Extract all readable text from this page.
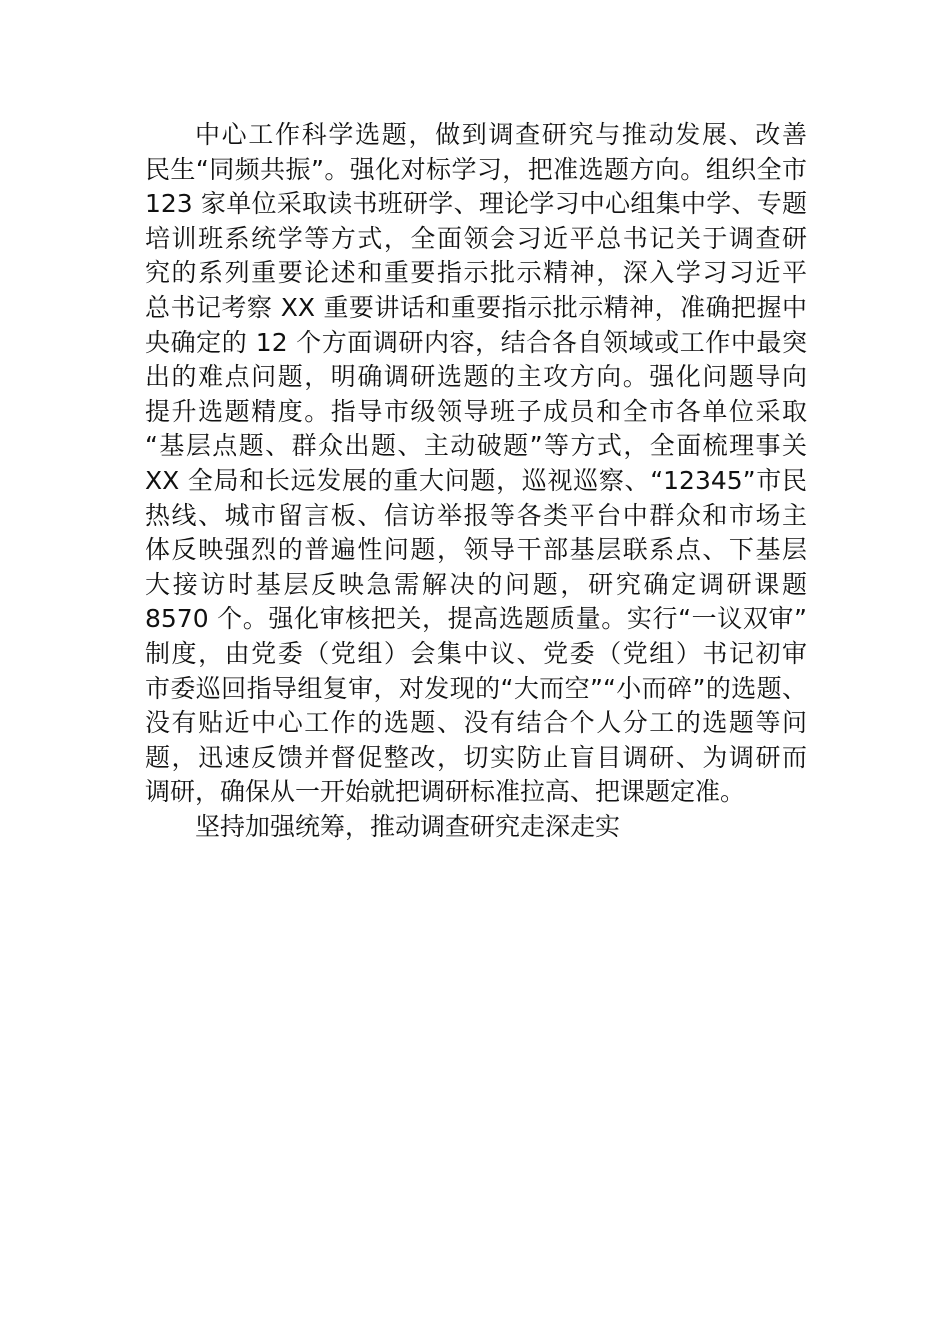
中心工作科学选题，做到调查研究与推动发展、改善
民生“同频共振”。强化对标学习，把准选题方向。组织全市
123 家单位采取读书班研学、理论学习中心组集中学、专题
培训班系统学等方式，全面领会习近平总书记关于调查研
究的系列重要论述和重要指示批示精神，深入学习习近平
总书记考察 XX 重要讲话和重要指示批示精神，准确把握中
央确定的 12 个方面调研内容，结合各自领域或工作中最突
出的难点问题，明确调研选题的主攻方向。强化问题导向
提升选题精度。指导市级领导班子成员和全市各单位采取
“基层点题、群众出题、主动破题”等方式，全面梳理事关
XX 全局和长远发展的重大问题，巡视巡察、“12345”市民
热线、城市留言板、信访举报等各类平台中群众和市场主
体反映强烈的普遍性问题，领导干部基层联系点、下基层
大接访时基层反映急需解决的问题，研究确定调研课题
8570 个。强化审核把关，提高选题质量。实行“一议双审”
制度，由党委（党组）会集中议、党委（党组）书记初审
市委巡回指导组复审，对发现的“大而空”“小而碎”的选题、
没有贴近中心工作的选题、没有结合个人分工的选题等问
题，迅速反馈并督促整改，切实防止盲目调研、为调研而
调研，确保从一开始就把调研标准拉高、把课题定准。
坚持加强统筹，推动调查研究走深走实
